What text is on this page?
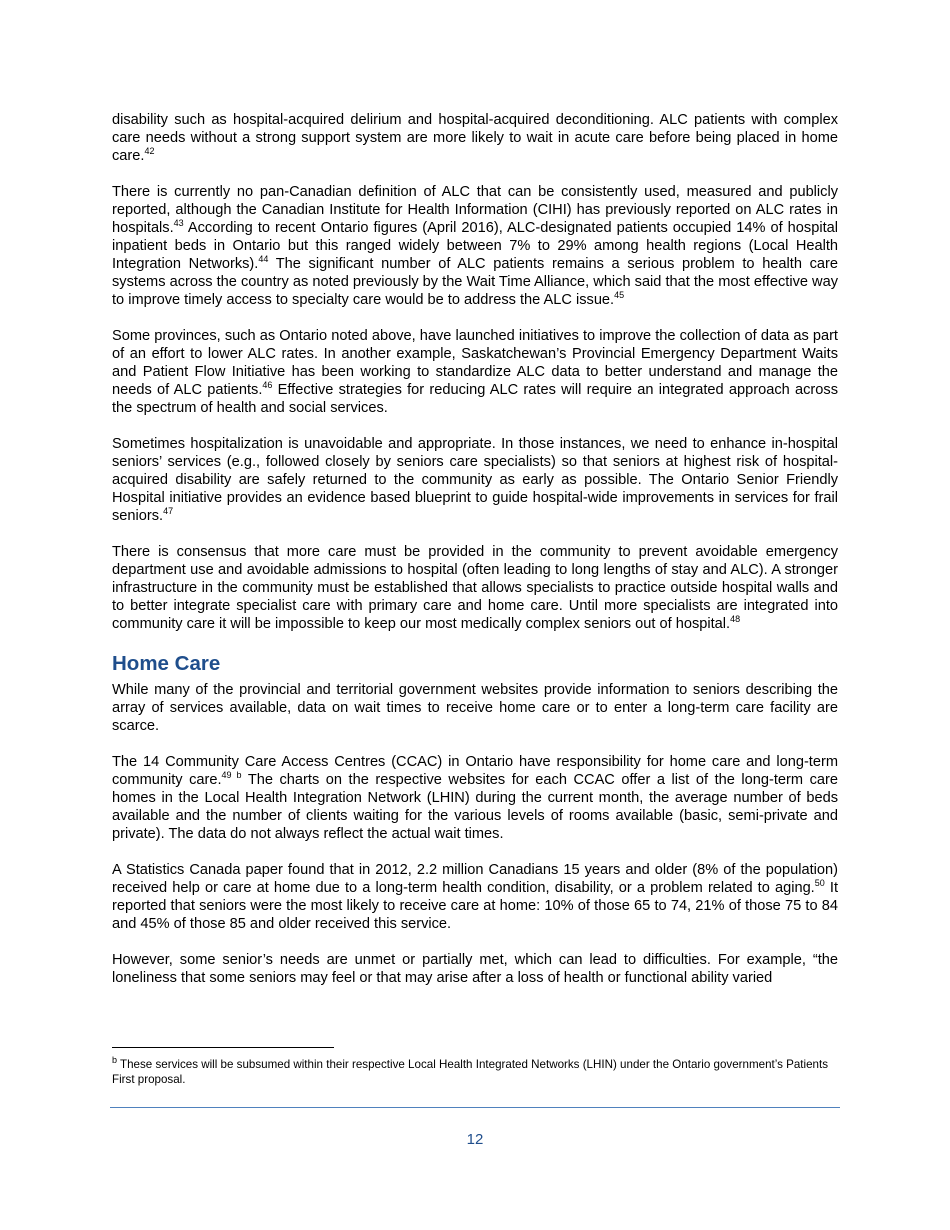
disability such as hospital-acquired delirium and hospital-acquired deconditioning. ALC patients with complex care needs without a strong support system are more likely to wait in acute care before being placed in home care.$^{42}$

There is currently no pan-Canadian definition of ALC that can be consistently used, measured and publicly reported, although the Canadian Institute for Health Information (CIHI) has previously reported on ALC rates in hospitals.$^{43}$ According to recent Ontario figures (April 2016), ALC-designated patients occupied 14% of hospital inpatient beds in Ontario but this ranged widely between 7% to 29% among health regions (Local Health Integration Networks).$^{44}$ The significant number of ALC patients remains a serious problem to health care systems across the country as noted previously by the Wait Time Alliance, which said that the most effective way to improve timely access to specialty care would be to address the ALC issue.$^{45}$

Some provinces, such as Ontario noted above, have launched initiatives to improve the collection of data as part of an effort to lower ALC rates. In another example, Saskatchewan’s Provincial Emergency Department Waits and Patient Flow Initiative has been working to standardize ALC data to better understand and manage the needs of ALC patients.$^{46}$ Effective strategies for reducing ALC rates will require an integrated approach across the spectrum of health and social services.

Sometimes hospitalization is unavoidable and appropriate. In those instances, we need to enhance in-hospital seniors’ services (e.g., followed closely by seniors care specialists) so that seniors at highest risk of hospital-acquired disability are safely returned to the community as early as possible. The Ontario Senior Friendly Hospital initiative provides an evidence based blueprint to guide hospital-wide improvements in services for frail seniors.$^{47}$

There is consensus that more care must be provided in the community to prevent avoidable emergency department use and avoidable admissions to hospital (often leading to long lengths of stay and ALC). A stronger infrastructure in the community must be established that allows specialists to practice outside hospital walls and to better integrate specialist care with primary care and home care. Until more specialists are integrated into community care it will be impossible to keep our most medically complex seniors out of hospital.$^{48}$

Home Care

While many of the provincial and territorial government websites provide information to seniors describing the array of services available, data on wait times to receive home care or to enter a long-term care facility are scarce.

The 14 Community Care Access Centres (CCAC) in Ontario have responsibility for home care and long-term community care.$^{49 b}$ The charts on the respective websites for each CCAC offer a list of the long-term care homes in the Local Health Integration Network (LHIN) during the current month, the average number of beds available and the number of clients waiting for the various levels of rooms available (basic, semi-private and private). The data do not always reflect the actual wait times.

A Statistics Canada paper found that in 2012, 2.2 million Canadians 15 years and older (8% of the population) received help or care at home due to a long-term health condition, disability, or a problem related to aging.$^{50}$ It reported that seniors were the most likely to receive care at home: 10% of those 65 to 74, 21% of those 75 to 84 and 45% of those 85 and older received this service.

However, some senior’s needs are unmet or partially met, which can lead to difficulties. For example, “the loneliness that some seniors may feel or that may arise after a loss of health or functional ability varied

$^b$ These services will be subsumed within their respective Local Health Integrated Networks (LHIN) under the Ontario government’s Patients First proposal.
12
